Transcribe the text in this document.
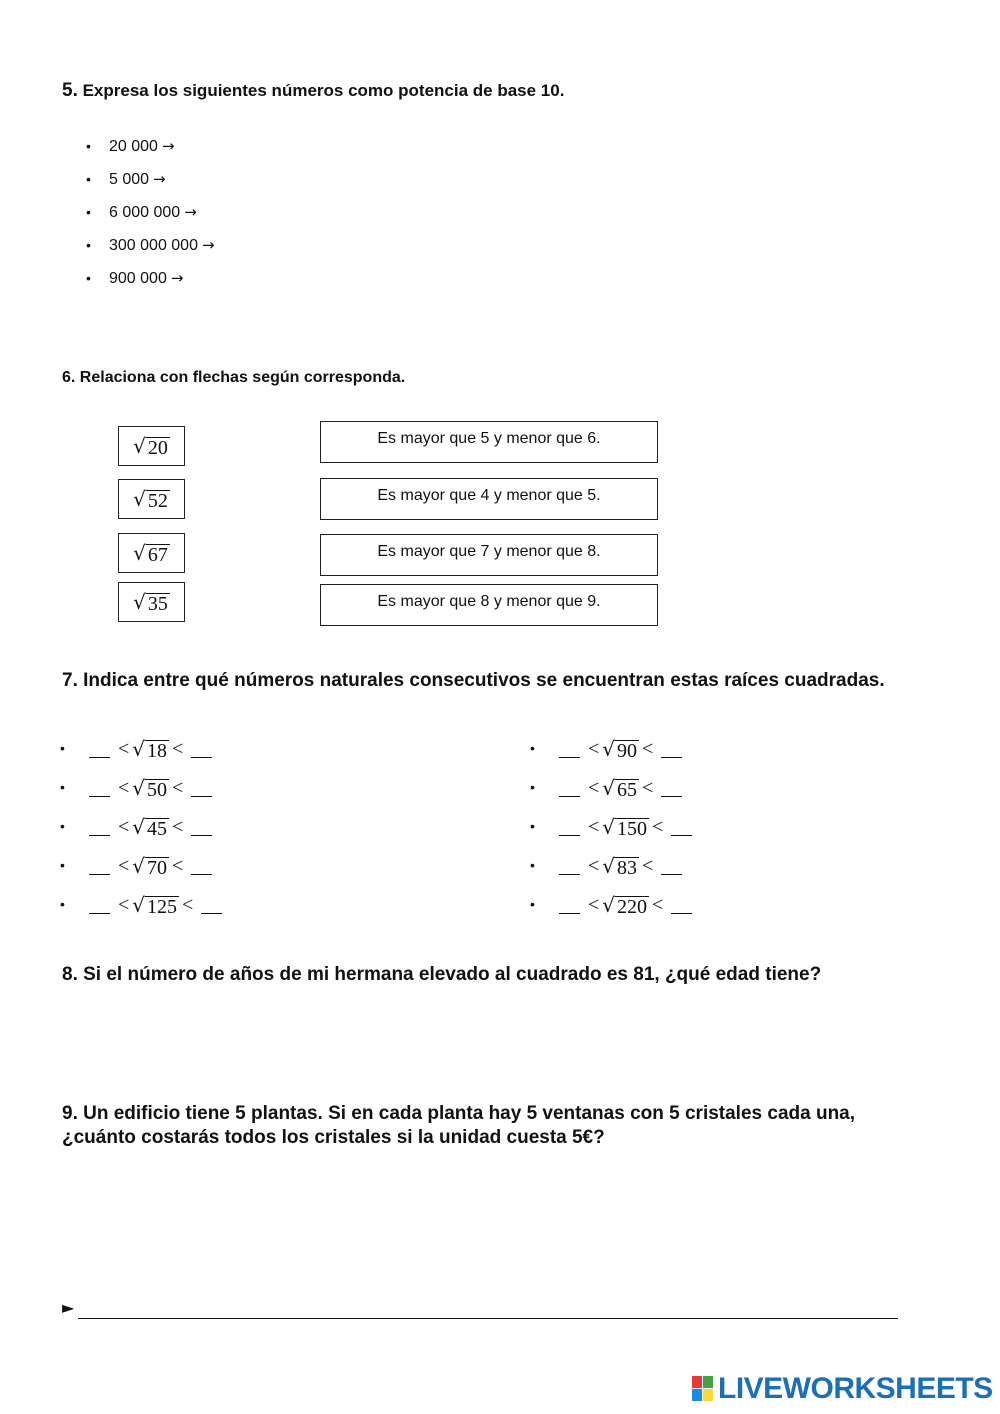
5. Expresa los siguientes números como potencia de base 10.
• 20 000 →
• 5 000 →
• 6 000 000 →
• 300 000 000 →
• 900 000 →
6. Relaciona con flechas según corresponda.
√ 20
√ 52
√ 67
√ 35
Es mayor que 5 y menor que 6.
Es mayor que 4 y menor que 5.
Es mayor que 7 y menor que 8.
Es mayor que 8 y menor que 9.
7. Indica entre qué números naturales consecutivos se encuentran estas raíces cuadradas.
•	< √ 18 <
•	< √ 50 <
•	< √ 45 <
•	< √ 70 <
•	< √ 125 <
•	< √ 90 <
•	< √ 65 <
•	< √ 150 <
•	< √ 83 <
•	< √ 220 <
8. Si el número de años de mi hermana elevado al cuadrado es 81, ¿qué edad tiene?
9. Un edificio tiene 5 plantas. Si en cada planta hay 5 ventanas con 5 cristales cada una,
¿cuánto costarás todos los cristales si la unidad cuesta 5€?
►
LIVEWORKSHEETS
